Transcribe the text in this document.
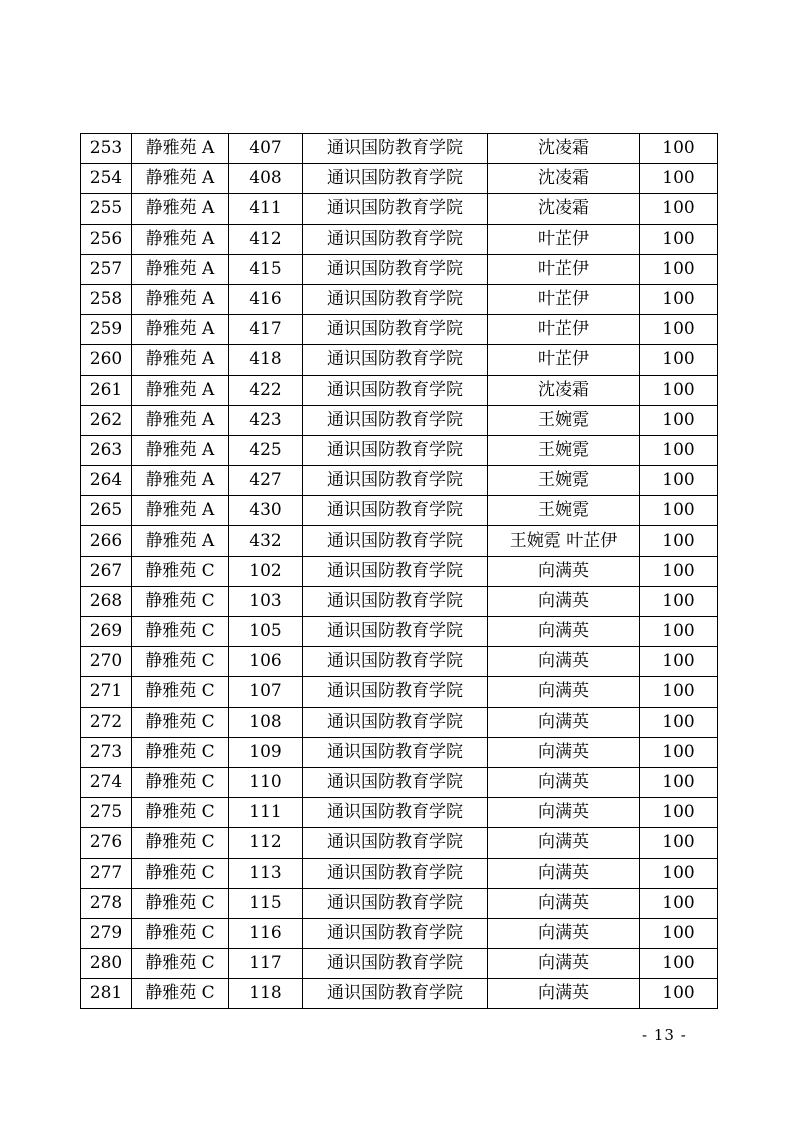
253	静雅苑 A	407	通识国防教育学院	沈凌霜	100
254	静雅苑 A	408	通识国防教育学院	沈凌霜	100
255	静雅苑 A	411	通识国防教育学院	沈凌霜	100
256	静雅苑 A	412	通识国防教育学院	叶芷伊	100
257	静雅苑 A	415	通识国防教育学院	叶芷伊	100
258	静雅苑 A	416	通识国防教育学院	叶芷伊	100
259	静雅苑 A	417	通识国防教育学院	叶芷伊	100
260	静雅苑 A	418	通识国防教育学院	叶芷伊	100
261	静雅苑 A	422	通识国防教育学院	沈凌霜	100
262	静雅苑 A	423	通识国防教育学院	王婉霓	100
263	静雅苑 A	425	通识国防教育学院	王婉霓	100
264	静雅苑 A	427	通识国防教育学院	王婉霓	100
265	静雅苑 A	430	通识国防教育学院	王婉霓	100
266	静雅苑 A	432	通识国防教育学院	王婉霓 叶芷伊	100
267	静雅苑 C	102	通识国防教育学院	向满英	100
268	静雅苑 C	103	通识国防教育学院	向满英	100
269	静雅苑 C	105	通识国防教育学院	向满英	100
270	静雅苑 C	106	通识国防教育学院	向满英	100
271	静雅苑 C	107	通识国防教育学院	向满英	100
272	静雅苑 C	108	通识国防教育学院	向满英	100
273	静雅苑 C	109	通识国防教育学院	向满英	100
274	静雅苑 C	110	通识国防教育学院	向满英	100
275	静雅苑 C	111	通识国防教育学院	向满英	100
276	静雅苑 C	112	通识国防教育学院	向满英	100
277	静雅苑 C	113	通识国防教育学院	向满英	100
278	静雅苑 C	115	通识国防教育学院	向满英	100
279	静雅苑 C	116	通识国防教育学院	向满英	100
280	静雅苑 C	117	通识国防教育学院	向满英	100
281	静雅苑 C	118	通识国防教育学院	向满英	100
- 13 -
